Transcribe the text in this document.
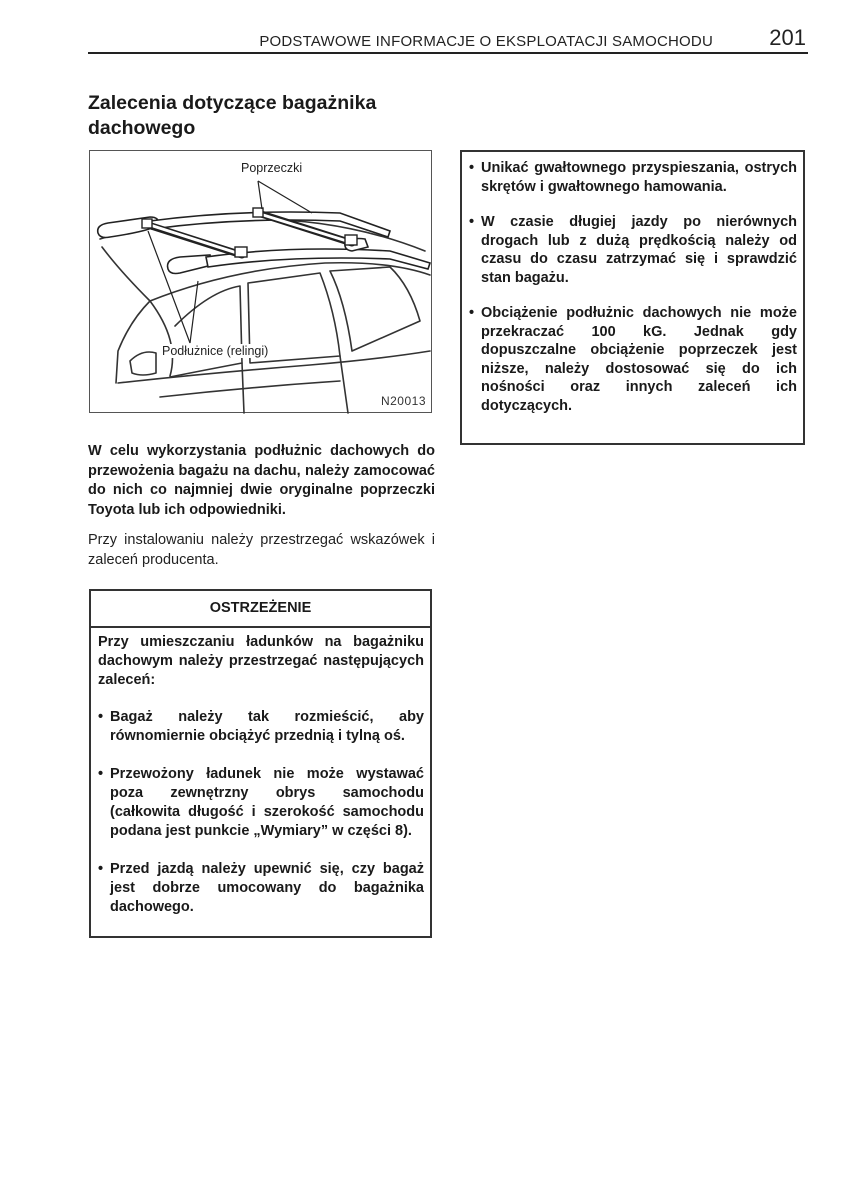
PODSTAWOWE INFORMACJE O EKSPLOATACJI SAMOCHODU	201
Zalecenia dotyczące bagażnika dachowego
Poprzeczki
Podłużnice (relingi)
N20013
W celu wykorzystania podłużnic dachowych do przewożenia bagażu na dachu, należy zamocować do nich co najmniej dwie oryginalne poprzeczki Toyota lub ich odpowiedniki.
Przy instalowaniu należy przestrzegać wskazówek i zaleceń producenta.
OSTRZEŻENIE
Przy umieszczaniu ładunków na bagażniku dachowym należy przestrzegać następujących zaleceń:
• Bagaż należy tak rozmieścić, aby równomiernie obciążyć przednią i tylną oś.
• Przewożony ładunek nie może wystawać poza zewnętrzny obrys samochodu (całkowita długość i szerokość samochodu podana jest punkcie „Wymiary” w części 8).
• Przed jazdą należy upewnić się, czy bagaż jest dobrze umocowany do bagażnika dachowego.
• Unikać gwałtownego przyspieszania, ostrych skrętów i gwałtownego hamowania.
• W czasie długiej jazdy po nierównych drogach lub z dużą prędkością należy od czasu do czasu zatrzymać się i sprawdzić stan bagażu.
• Obciążenie podłużnic dachowych nie może przekraczać 100 kG. Jednak gdy dopuszczalne obciążenie poprzeczek jest niższe, należy dostosować się do ich nośności oraz innych zaleceń ich dotyczących.
